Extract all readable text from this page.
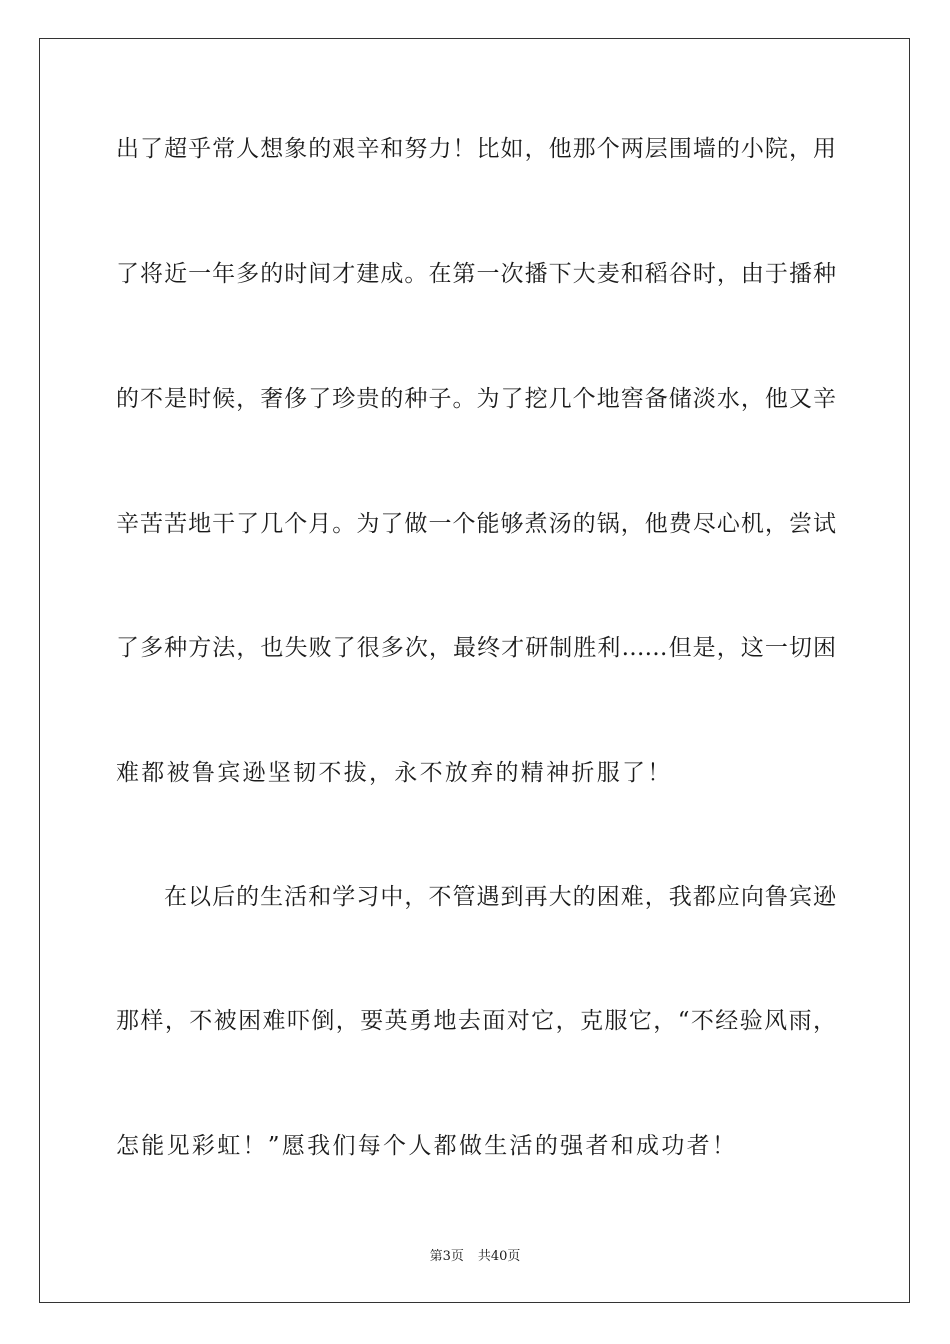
出了超乎常人想象的艰辛和努力！比如，他那个两层围墙的小院，用
了将近一年多的时间才建成。在第一次播下大麦和稻谷时，由于播种
的不是时候，奢侈了珍贵的种子。为了挖几个地窖备储淡水，他又辛
辛苦苦地干了几个月。为了做一个能够煮汤的锅，他费尽心机，尝试
了多种方法，也失败了很多次，最终才研制胜利……但是，这一切困
难都被鲁宾逊坚韧不拔，永不放弃的精神折服了！
在以后的生活和学习中，不管遇到再大的困难，我都应向鲁宾逊
那样，不被困难吓倒，要英勇地去面对它，克服它，“不经验风雨，
怎能见彩虹！”愿我们每个人都做生活的强者和成功者！
第3页 共40页
